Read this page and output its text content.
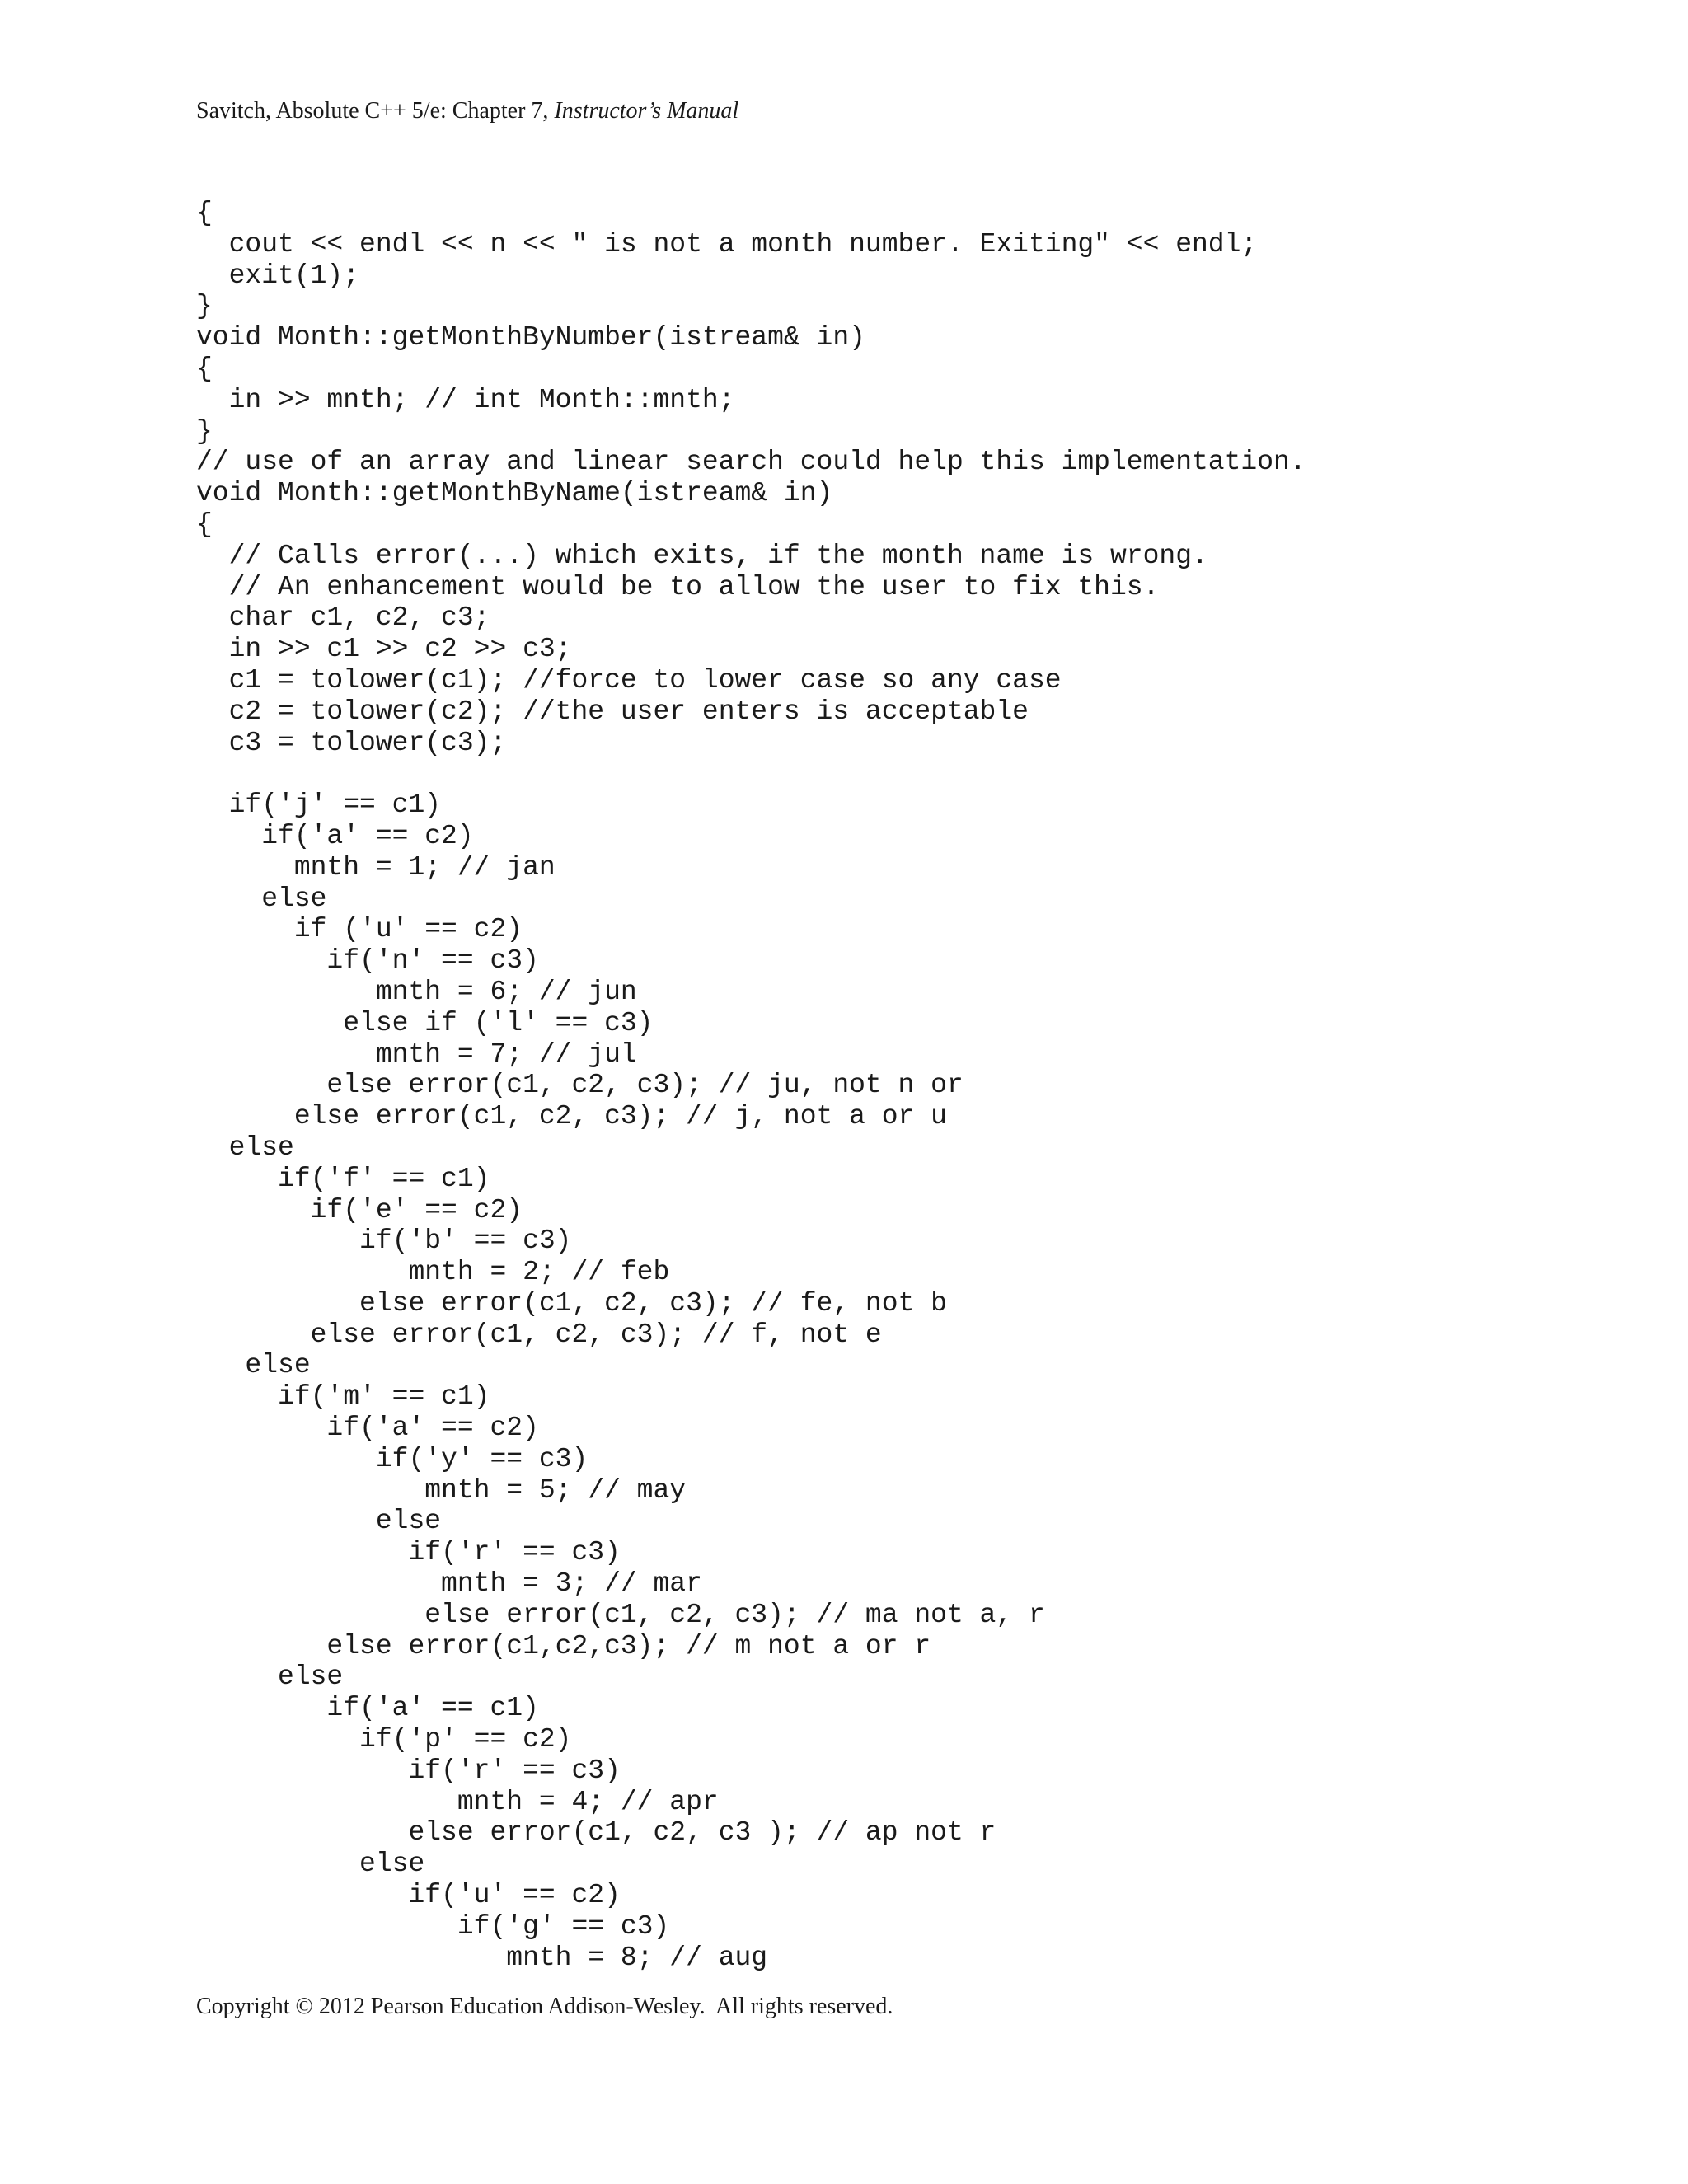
Savitch, Absolute C++ 5/e: Chapter 7, Instructor’s Manual
{
cout << endl << n << " is not a month number. Exiting" << endl;
exit(1);
}
void Month::getMonthByNumber(istream& in)
{
in >> mnth; // int Month::mnth;
}
// use of an array and linear search could help this implementation.
void Month::getMonthByName(istream& in)
{
// Calls error(...) which exits, if the month name is wrong.
// An enhancement would be to allow the user to fix this.
char c1, c2, c3;
in >> c1 >> c2 >> c3;
c1 = tolower(c1); //force to lower case so any case
c2 = tolower(c2); //the user enters is acceptable
c3 = tolower(c3);
if('j' == c1)
if('a' == c2)
mnth = 1; // jan
else
if ('u' == c2)
if('n' == c3)
mnth = 6; // jun
else if ('l' == c3)
mnth = 7; // jul
else error(c1, c2, c3); // ju, not n or
else error(c1, c2, c3); // j, not a or u
else
if('f' == c1)
if('e' == c2)
if('b' == c3)
mnth = 2; // feb
else error(c1, c2, c3); // fe, not b
else error(c1, c2, c3); // f, not e
else
if('m' == c1)
if('a' == c2)
if('y' == c3)
mnth = 5; // may
else
if('r' == c3)
mnth = 3; // mar
else error(c1, c2, c3); // ma not a, r
else error(c1,c2,c3); // m not a or r
else
if('a' == c1)
if('p' == c2)
if('r' == c3)
mnth = 4; // apr
else error(c1, c2, c3 ); // ap not r
else
if('u' == c2)
if('g' == c3)
mnth = 8; // aug
Copyright © 2012 Pearson Education Addison-Wesley.  All rights reserved.
